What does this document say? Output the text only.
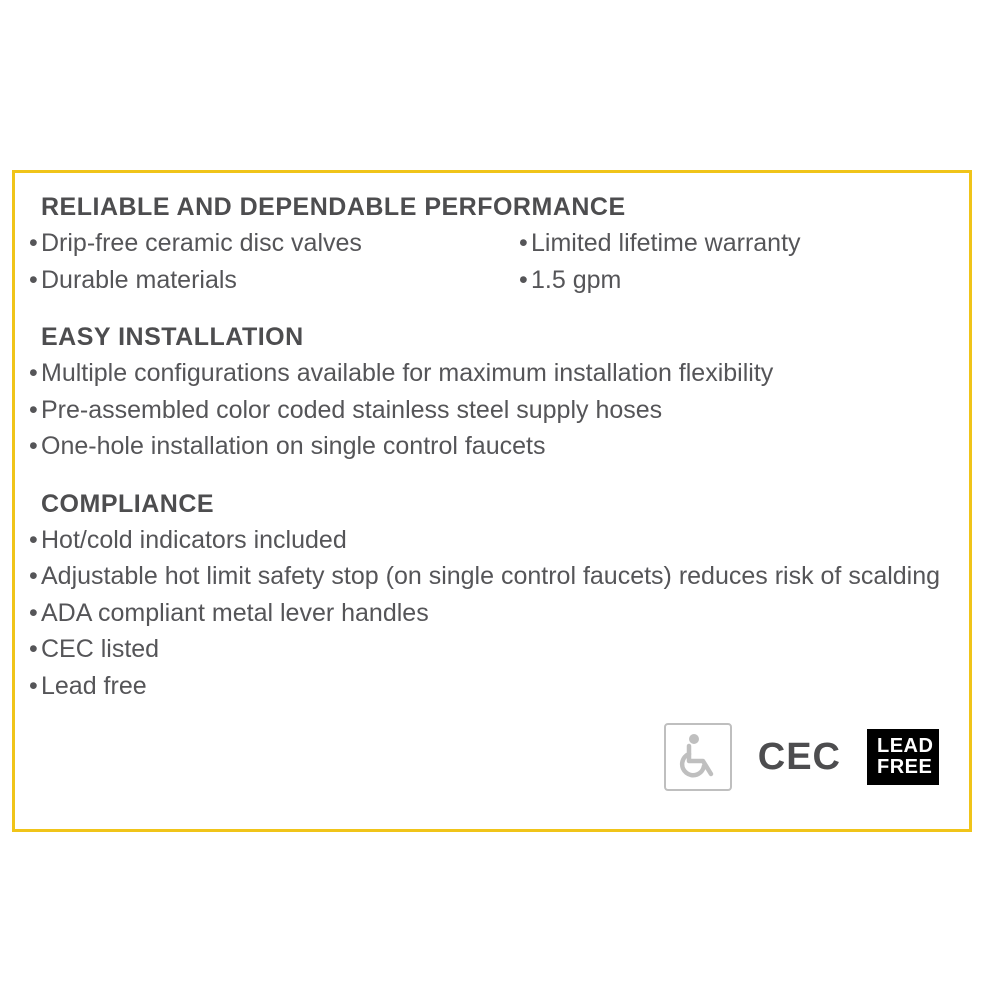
RELIABLE AND DEPENDABLE PERFORMANCE
• Drip-free ceramic disc valves
• Durable materials
• Limited lifetime warranty
• 1.5 gpm
EASY INSTALLATION
• Multiple configurations available for maximum installation flexibility
• Pre-assembled color coded stainless steel supply hoses
• One-hole installation on single control faucets
COMPLIANCE
• Hot/cold indicators included
• Adjustable hot limit safety stop (on single control faucets) reduces risk of scalding
• ADA compliant metal lever handles
• CEC listed
• Lead free
CEC LEAD
FREE
